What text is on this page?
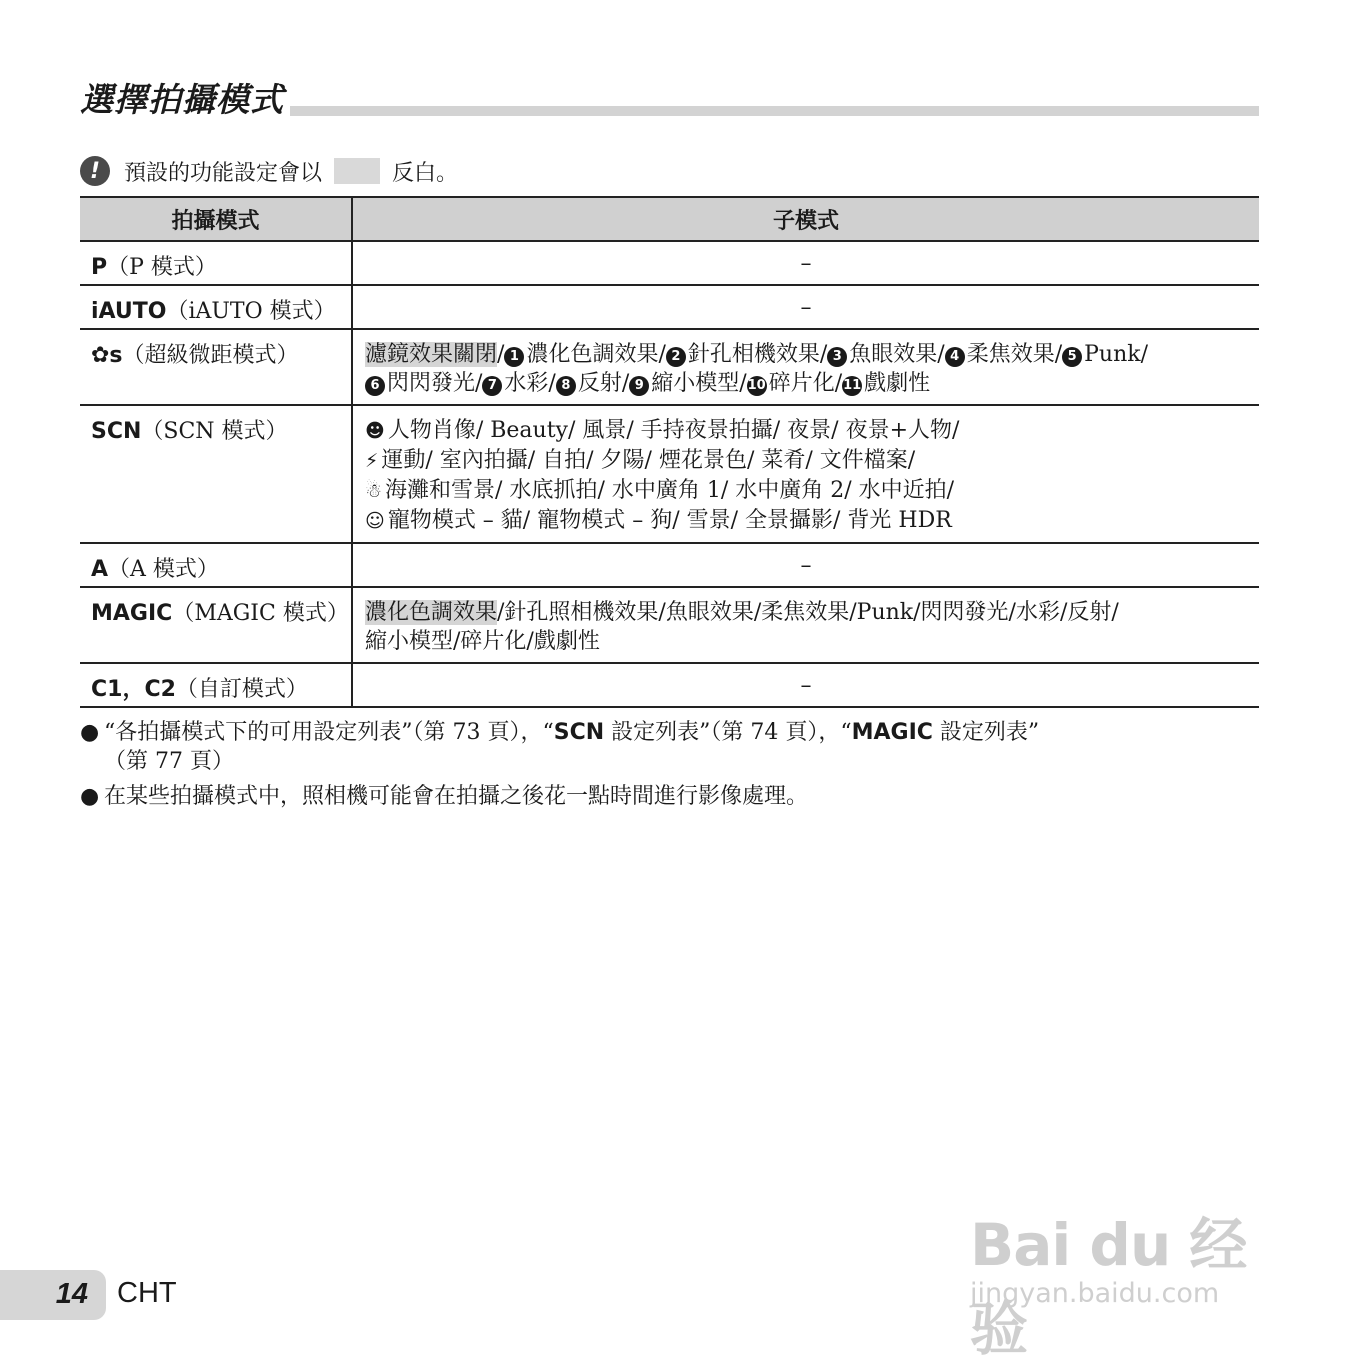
選擇拍攝模式
!	預設的功能設定會以	反白。
拍攝模式	子模式
P（P 模式）	–
iAUTO（iAUTO 模式）	–
✿s（超級微距模式）	濾鏡效果關閉/ 1 濃化色調效果/ 2 針孔相機效果/ 3 魚眼效果/ 4 柔焦效果/ 5 Punk/
6 閃閃發光/ 7 水彩/ 8 反射/ 9 縮小模型/10 碎片化/11 戲劇性

SCN（SCN 模式）	☻ 人物肖像/ Beauty/ 風景/ 手持夜景拍攝/ 夜景/ 夜景+人物/
⚡ 運動/ 室內拍攝/ 自拍/ 夕陽/ 煙花景色/ 菜肴/ 文件檔案/
☃ 海灘和雪景/ 水底抓拍/ 水中廣角 1/ 水中廣角 2/ 水中近拍/
☺ 寵物模式 – 貓/ 寵物模式 – 狗/ 雪景/ 全景攝影/ 背光 HDR

A（A 模式）	–
MAGIC（MAGIC 模式）	濃化色調效果/針孔照相機效果/魚眼效果/柔焦效果/Punk/閃閃發光/水彩/反射/
縮小模型/碎片化/戲劇性

C1，C2（自訂模式）	–
● “各拍攝模式下的可用設定列表”（第 73 頁），“SCN 設定列表”（第 74 頁），“MAGIC 設定列表”
（第 77 頁）
● 在某些拍攝模式中，照相機可能會在拍攝之後花一點時間進行影像處理。
14 CHT
Bai du 经验
jingyan.baidu.com
